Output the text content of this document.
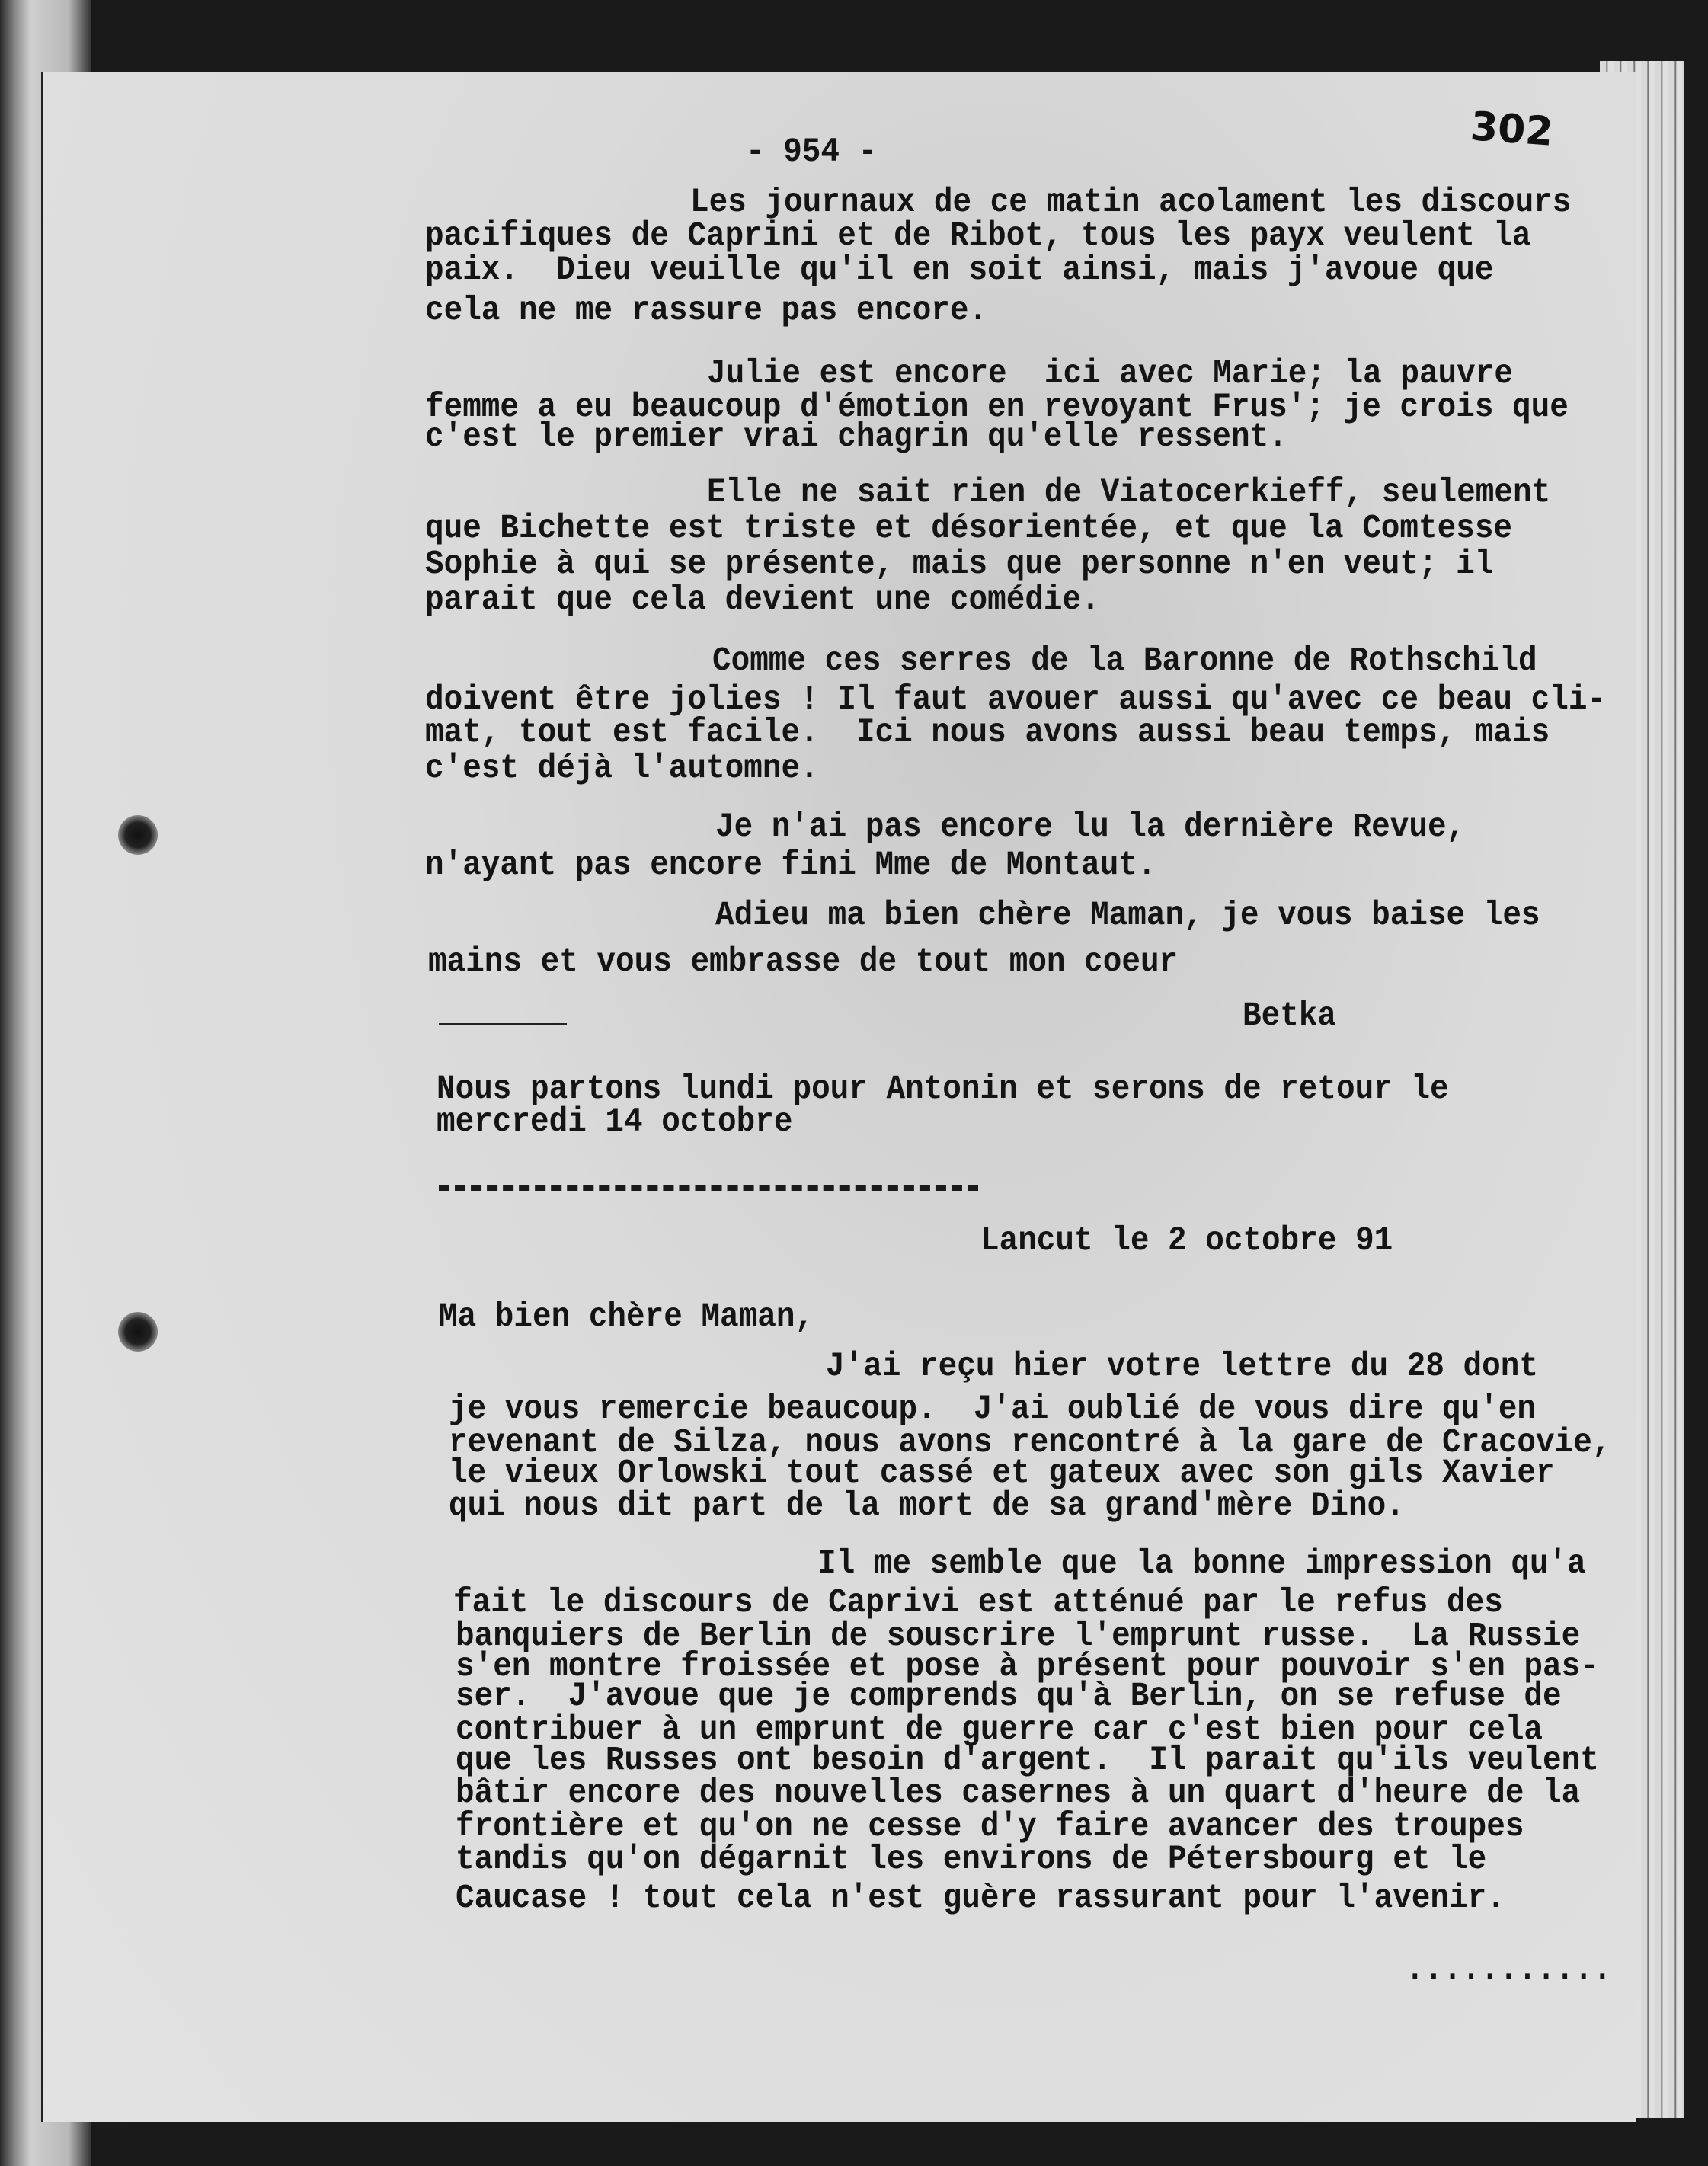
- 954 -	302
Les journaux de ce matin acolament les discours
pacifiques de Caprini et de Ribot, tous les payx veulent la
paix.  Dieu veuille qu'il en soit ainsi, mais j'avoue que
cela ne me rassure pas encore.
Julie est encore  ici avec Marie; la pauvre
femme a eu beaucoup d'émotion en revoyant Frus'; je crois que
c'est le premier vrai chagrin qu'elle ressent.
Elle ne sait rien de Viatocerkieff, seulement
que Bichette est triste et désorientée, et que la Comtesse
Sophie à qui se présente, mais que personne n'en veut; il
parait que cela devient une comédie.
Comme ces serres de la Baronne de Rothschild
doivent être jolies ! Il faut avouer aussi qu'avec ce beau cli-
mat, tout est facile.  Ici nous avons aussi beau temps, mais
c'est déjà l'automne.
Je n'ai pas encore lu la dernière Revue,
n'ayant pas encore fini Mme de Montaut.
Adieu ma bien chère Maman, je vous baise les
mains et vous embrasse de tout mon coeur
Betka
Nous partons lundi pour Antonin et serons de retour le
mercredi 14 octobre
Lancut le 2 octobre 91
Ma bien chère Maman,
J'ai reçu hier votre lettre du 28 dont
je vous remercie beaucoup.  J'ai oublié de vous dire qu'en
revenant de Silza, nous avons rencontré à la gare de Cracovie,
le vieux Orlowski tout cassé et gateux avec son gils Xavier
qui nous dit part de la mort de sa grand'mère Dino.
Il me semble que la bonne impression qu'a
fait le discours de Caprivi est atténué par le refus des
banquiers de Berlin de souscrire l'emprunt russe.  La Russie
s'en montre froissée et pose à présent pour pouvoir s'en pas-
ser.  J'avoue que je comprends qu'à Berlin, on se refuse de
contribuer à un emprunt de guerre car c'est bien pour cela
que les Russes ont besoin d'argent.  Il parait qu'ils veulent
bâtir encore des nouvelles casernes à un quart d'heure de la
frontière et qu'on ne cesse d'y faire avancer des troupes
tandis qu'on dégarnit les environs de Pétersbourg et le
Caucase ! tout cela n'est guère rassurant pour l'avenir.
...........
